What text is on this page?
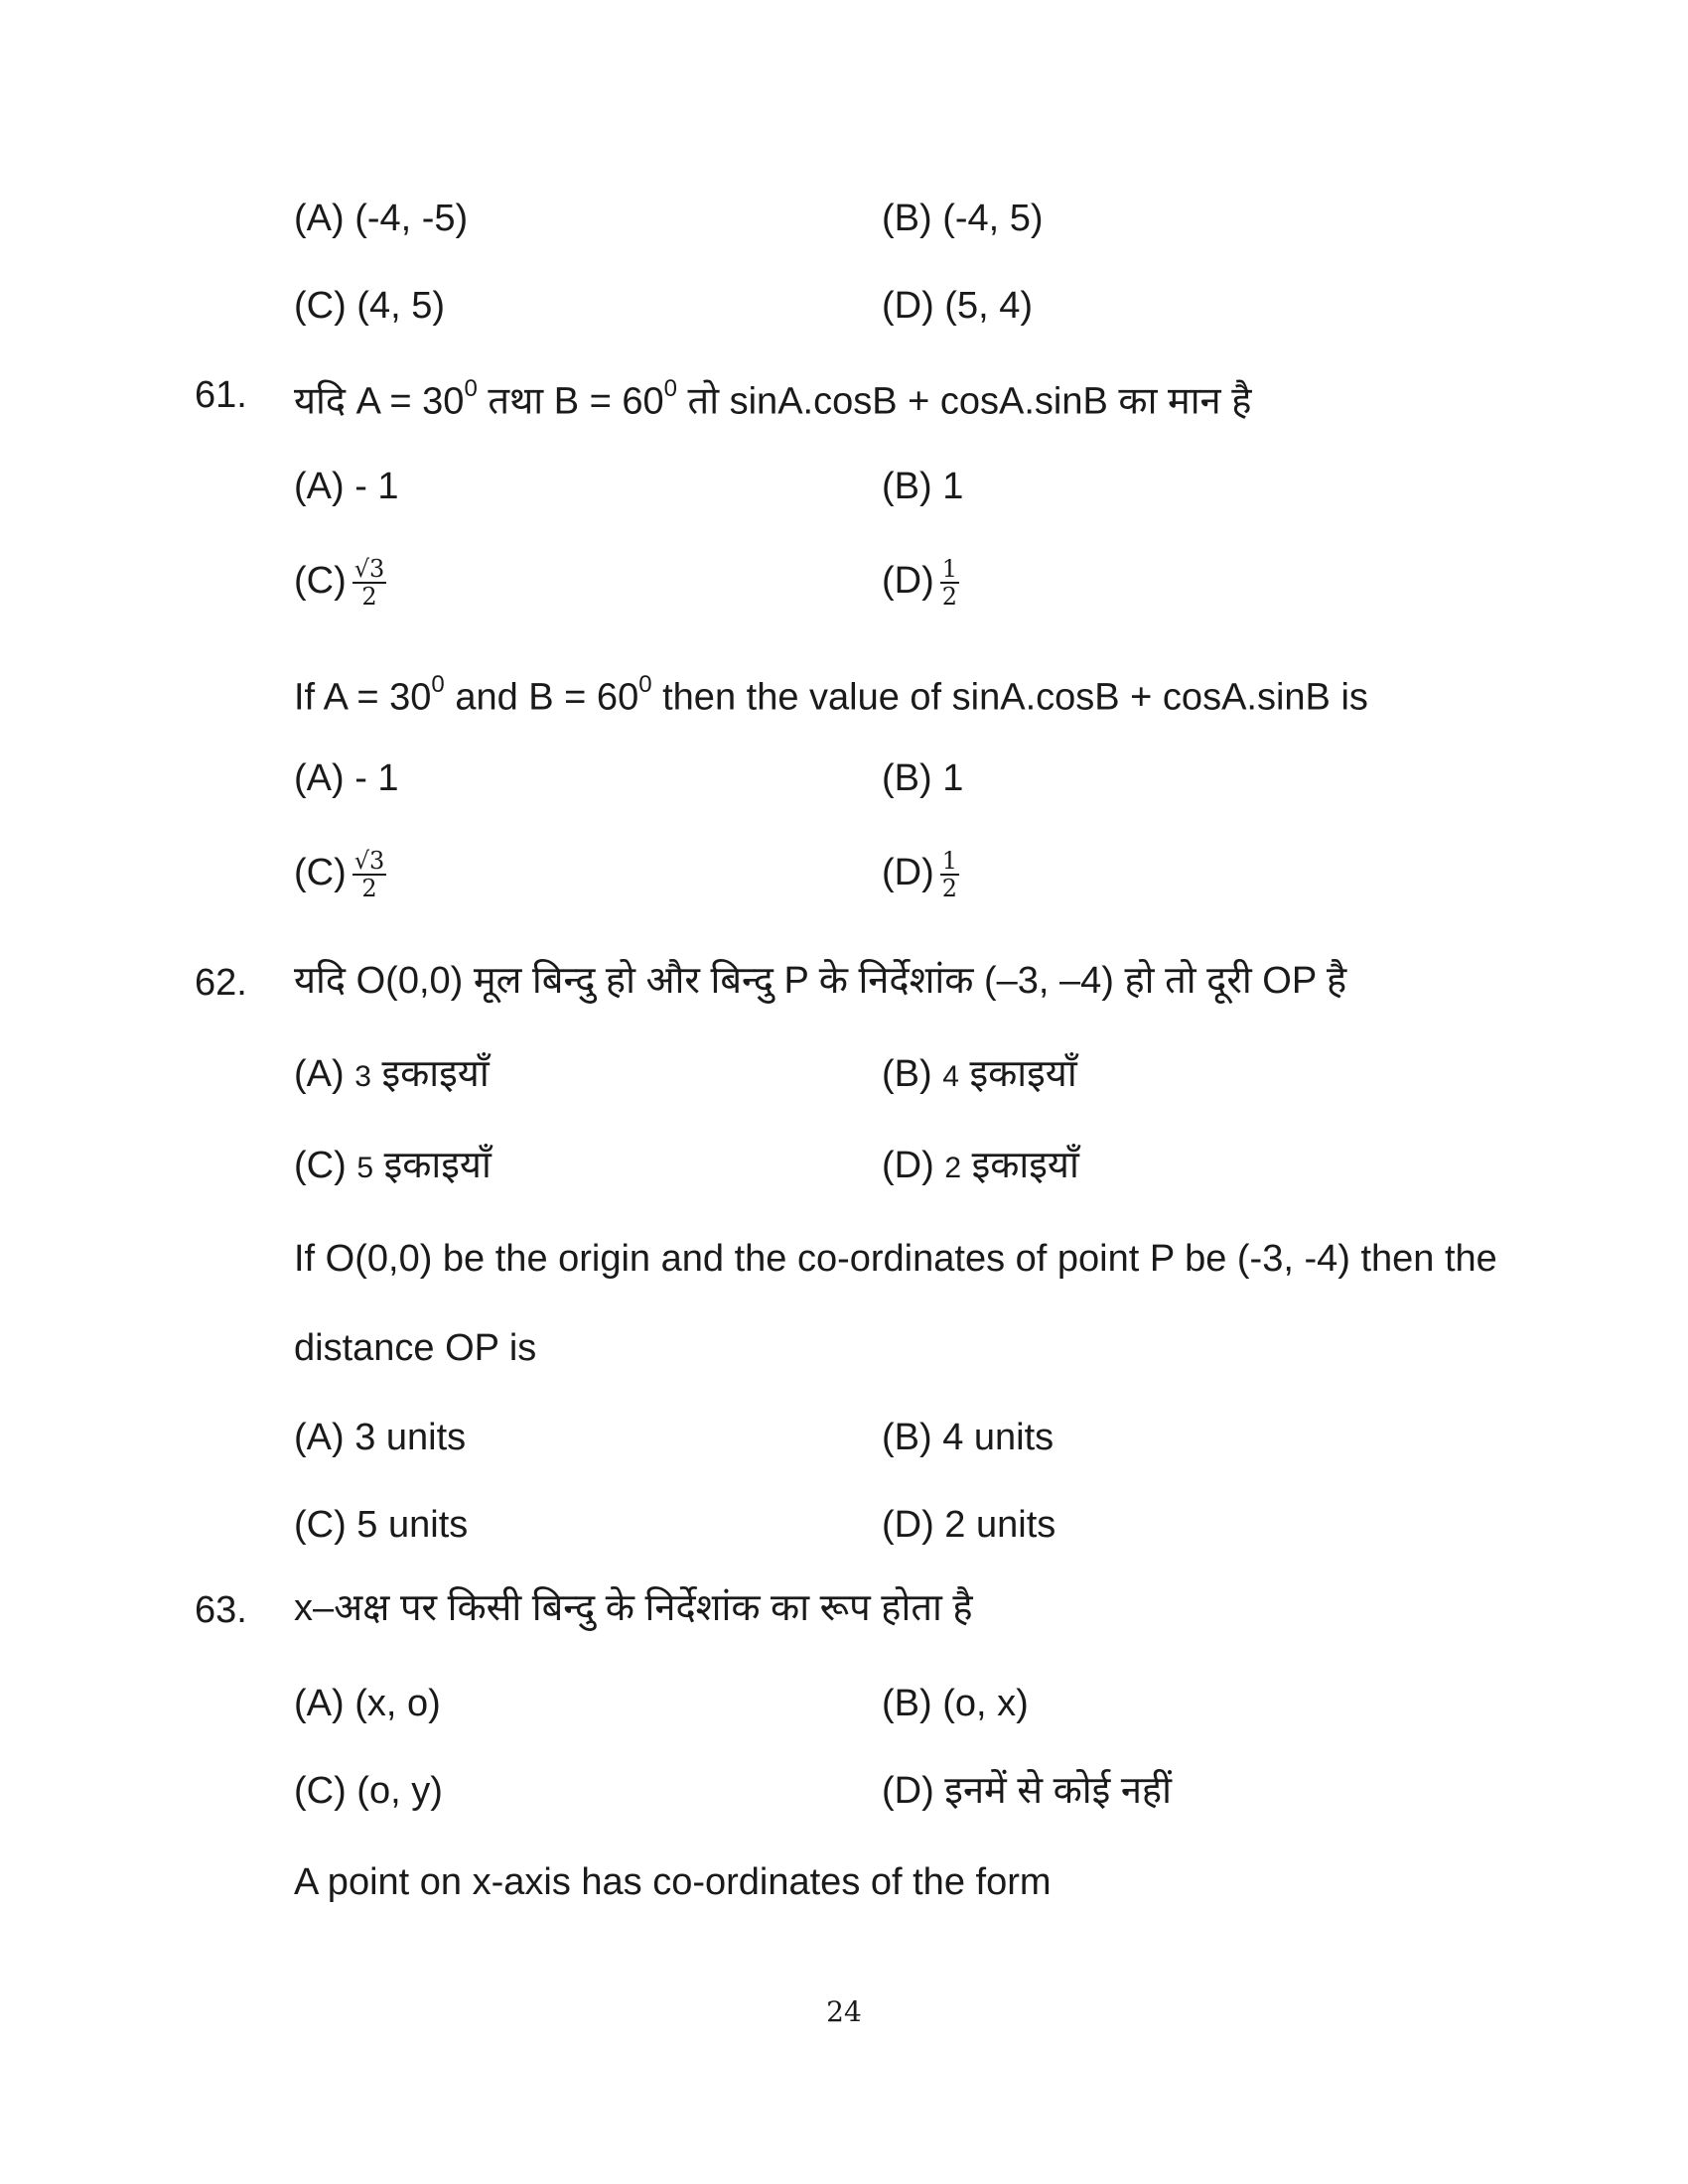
(A) (-4, -5)	(B) (-4, 5)
(C) (4, 5)	(D) (5, 4)
61. यदि $A = 30^0$ तथा $B = 60^0$ तो sinA.cosB + cosA.sinB का मान है
(A) - 1	(B) 1
$(C) \frac{√3}{2}$	$(D) \frac{1}{2}$
If $A = 30^0$ and $B = 60^0$ then the value of sinA.cosB + cosA.sinB is
(A) - 1	(B) 1
$(C) \frac{√3}{2}$	$(D) \frac{1}{2}$
62. यदि O(0,0) मूल बिन्दु हो और बिन्दु P के निर्देशांक (–3, –4) हो तो दूरी OP है
(A) 3 इकाइयाँ	(B) 4 इकाइयाँ
(C) 5 इकाइयाँ	(D) 2 इकाइयाँ
If O(0,0) be the origin and the co-ordinates of point P be (-3, -4) then the
distance OP is
(A) 3 units	(B) 4 units
(C) 5 units	(D) 2 units
63. x–अक्ष पर किसी बिन्दु के निर्देशांक का रूप होता है
(A) (x, o)	(B) (o, x)
(C) (o, y)	(D) इनमें से कोई नहीं
A point on x-axis has co-ordinates of the form
24
